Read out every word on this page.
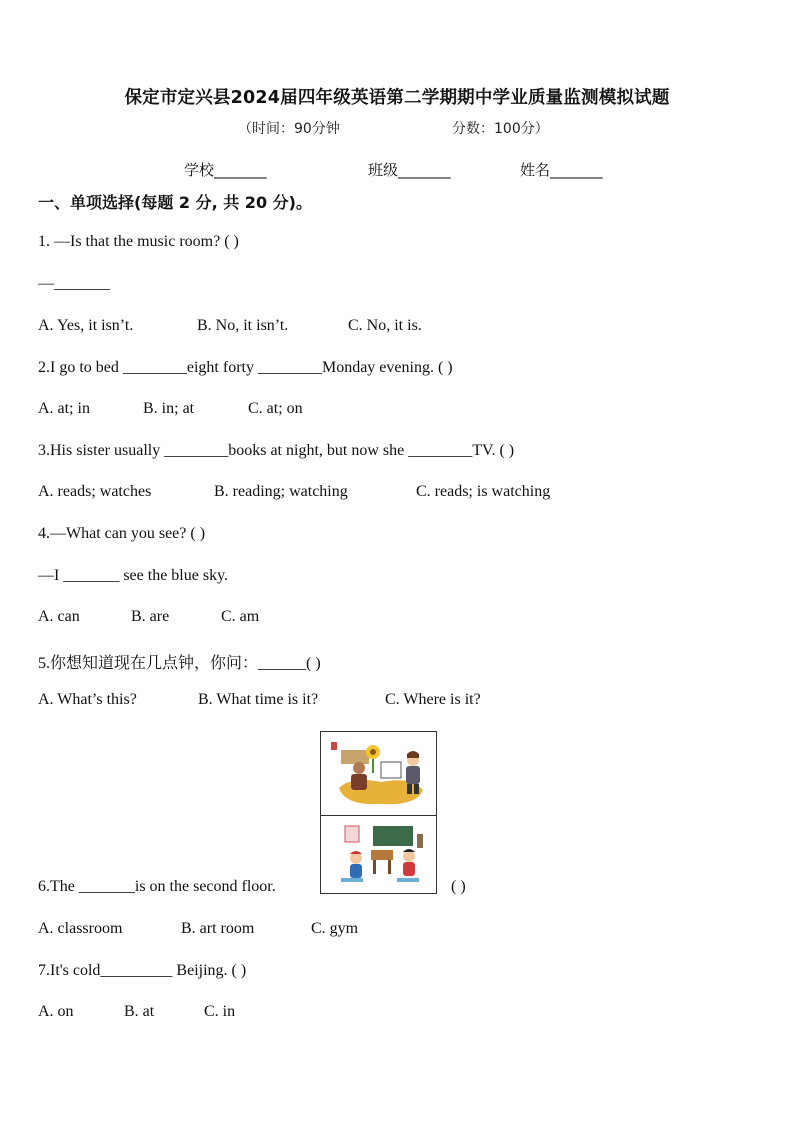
保定市定兴县2024届四年级英语第二学期期中学业质量监测模拟试题
（时间：90分钟	分数：100分）
学校_______	班级_______	姓名_______
一、单项选择(每题 2 分, 共 20 分)。
1. —Is that the music room? ( )
—_______
A. Yes, it isn’t.	B. No, it isn’t.	C. No, it is.
2.I go to bed ________eight forty ________Monday evening. ( )
A. at; in	B. in; at	C. at; on
3.His sister usually ________books at night, but now she ________TV. ( )
A. reads; watches	B. reading; watching	C. reads; is watching
4.—What can you see? ( )
—I _______ see the blue sky.
A. can	B. are	C. am
5.你想知道现在几点钟，你问：______( )
A. What’s this?	B. What time is it?	C. Where is it?
6.The _______is on the second floor.	( )
A. classroom	B. art room	C. gym
7.It's cold_________ Beijing. ( )
A. on	B. at	C. in
